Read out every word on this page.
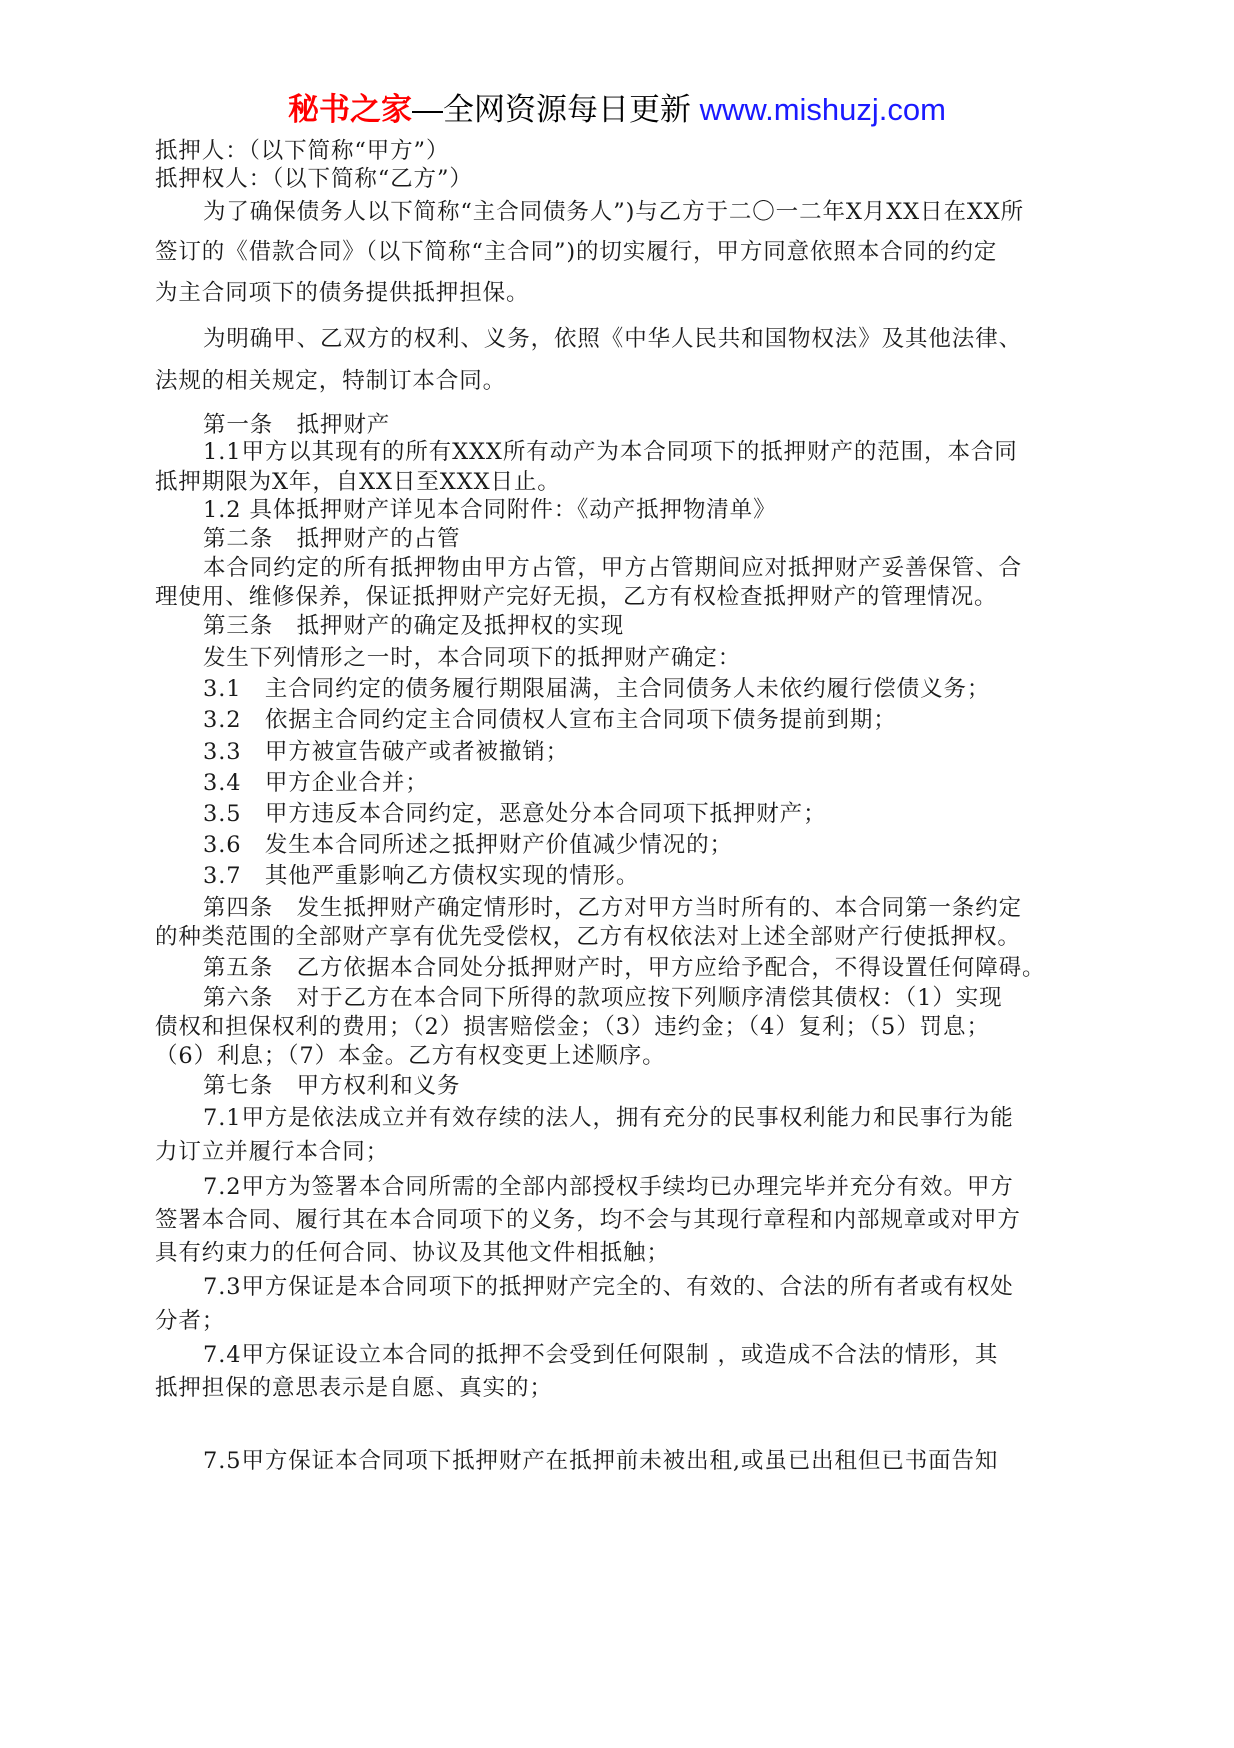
秘书之家—全网资源每日更新 www.mishuzj.com
抵押人：（以下简称“甲方”）
抵押权人：（以下简称“乙方”）
为了确保债务人以下简称“主合同债务人”)与乙方于二〇一二年X月XX日在XX所
签订的《借款合同》（以下简称“主合同”)的切实履行，甲方同意依照本合同的约定
为主合同项下的债务提供抵押担保。
为明确甲、乙双方的权利、义务，依照《中华人民共和国物权法》及其他法律、
法规的相关规定，特制订本合同。
第一条　抵押财产
1.1甲方以其现有的所有XXX所有动产为本合同项下的抵押财产的范围，本合同
抵押期限为X年，自XX日至XXX日止。
1.2 具体抵押财产详见本合同附件：《动产抵押物清单》
第二条　抵押财产的占管
本合同约定的所有抵押物由甲方占管，甲方占管期间应对抵押财产妥善保管、合
理使用、维修保养，保证抵押财产完好无损，乙方有权检查抵押财产的管理情况。
第三条　抵押财产的确定及抵押权的实现
发生下列情形之一时，本合同项下的抵押财产确定：
3.1　主合同约定的债务履行期限届满，主合同债务人未依约履行偿债义务；
3.2　依据主合同约定主合同债权人宣布主合同项下债务提前到期；
3.3　甲方被宣告破产或者被撤销；
3.4　甲方企业合并；
3.5　甲方违反本合同约定，恶意处分本合同项下抵押财产；
3.6　发生本合同所述之抵押财产价值减少情况的；
3.7　其他严重影响乙方债权实现的情形。
第四条　发生抵押财产确定情形时，乙方对甲方当时所有的、本合同第一条约定
的种类范围的全部财产享有优先受偿权，乙方有权依法对上述全部财产行使抵押权。
第五条　乙方依据本合同处分抵押财产时，甲方应给予配合，不得设置任何障碍。
第六条　对于乙方在本合同下所得的款项应按下列顺序清偿其债权：（1）实现
债权和担保权利的费用；（2）损害赔偿金；（3）违约金；（4）复利；（5）罚息；
（6）利息；（7）本金。乙方有权变更上述顺序。
第七条　甲方权利和义务
7.1甲方是依法成立并有效存续的法人，拥有充分的民事权利能力和民事行为能
力订立并履行本合同；
7.2甲方为签署本合同所需的全部内部授权手续均已办理完毕并充分有效。甲方
签署本合同、履行其在本合同项下的义务，均不会与其现行章程和内部规章或对甲方
具有约束力的任何合同、协议及其他文件相抵触；
7.3甲方保证是本合同项下的抵押财产完全的、有效的、合法的所有者或有权处
分者；
7.4甲方保证设立本合同的抵押不会受到任何限制 ，或造成不合法的情形，其
抵押担保的意思表示是自愿、真实的；
7.5甲方保证本合同项下抵押财产在抵押前未被出租,或虽已出租但已书面告知
